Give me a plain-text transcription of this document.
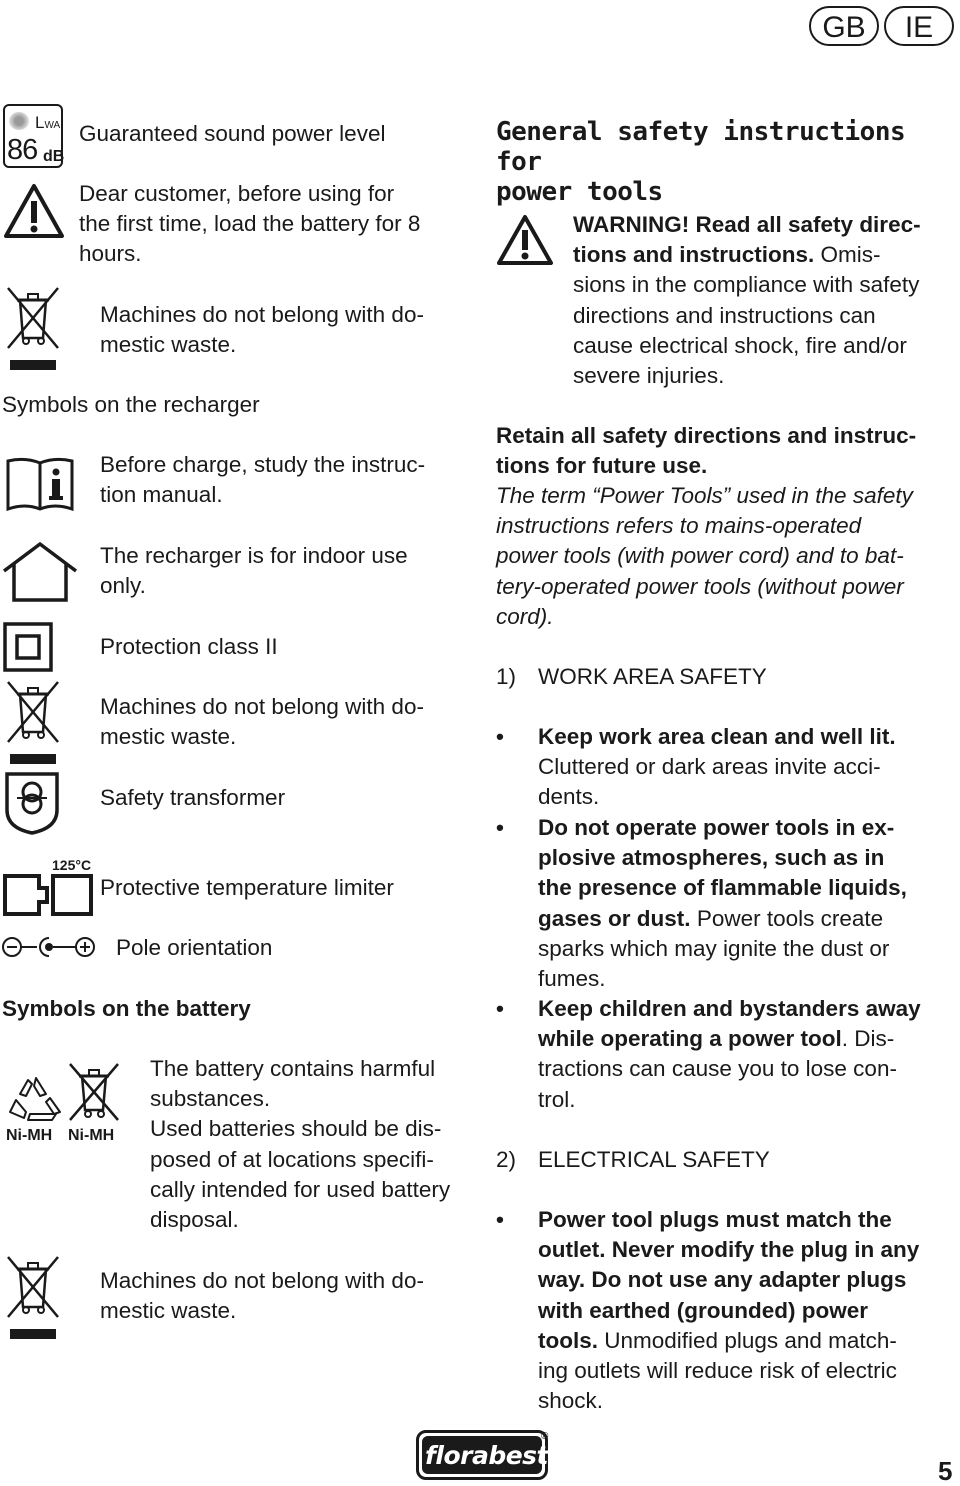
GB	IE
LWA
86 dB
Guaranteed sound power level
Dear customer, before using for
the first time, load the battery for 8
hours.
Machines do not belong with do-
mestic waste.
Symbols on the recharger
Before charge, study the instruc-
tion manual.
The recharger is for indoor use
only.
Protection class II
Machines do not belong with do-
mestic waste.
Safety transformer
125°C
Protective temperature limiter
Pole orientation
Symbols on the battery
Ni-MH Ni-MH
The battery contains harmful
substances.
Used batteries should be dis-
posed of at locations specifi-
cally intended for used battery
disposal.
Machines do not belong with do-
mestic waste.
General safety instructions for
power tools
WARNING! Read all safety direc-
tions and instructions. Omis-
sions in the compliance with safety
directions and instructions can
cause electrical shock, fire and/or
severe injuries.
Retain all safety directions and instruc-
tions for future use.
The term “Power Tools” used in the safety
instructions refers to mains-operated
power tools (with power cord) and to bat-
tery-operated power tools (without power
cord).
1) WORK AREA SAFETY
•	Keep work area clean and well lit.
Cluttered or dark areas invite acci-
dents.
•	Do not operate power tools in ex-
plosive atmospheres, such as in
the presence of flammable liquids,
gases or dust. Power tools create
sparks which may ignite the dust or
fumes.
•	Keep children and bystanders away
while operating a power tool. Dis-
tractions can cause you to lose con-
trol.
2) ELECTRICAL SAFETY
•	Power tool plugs must match the
outlet. Never modify the plug in any
way. Do not use any adapter plugs
with earthed (grounded) power
tools. Unmodified plugs and match-
ing outlets will reduce risk of electric
shock.
florabest
®
5
